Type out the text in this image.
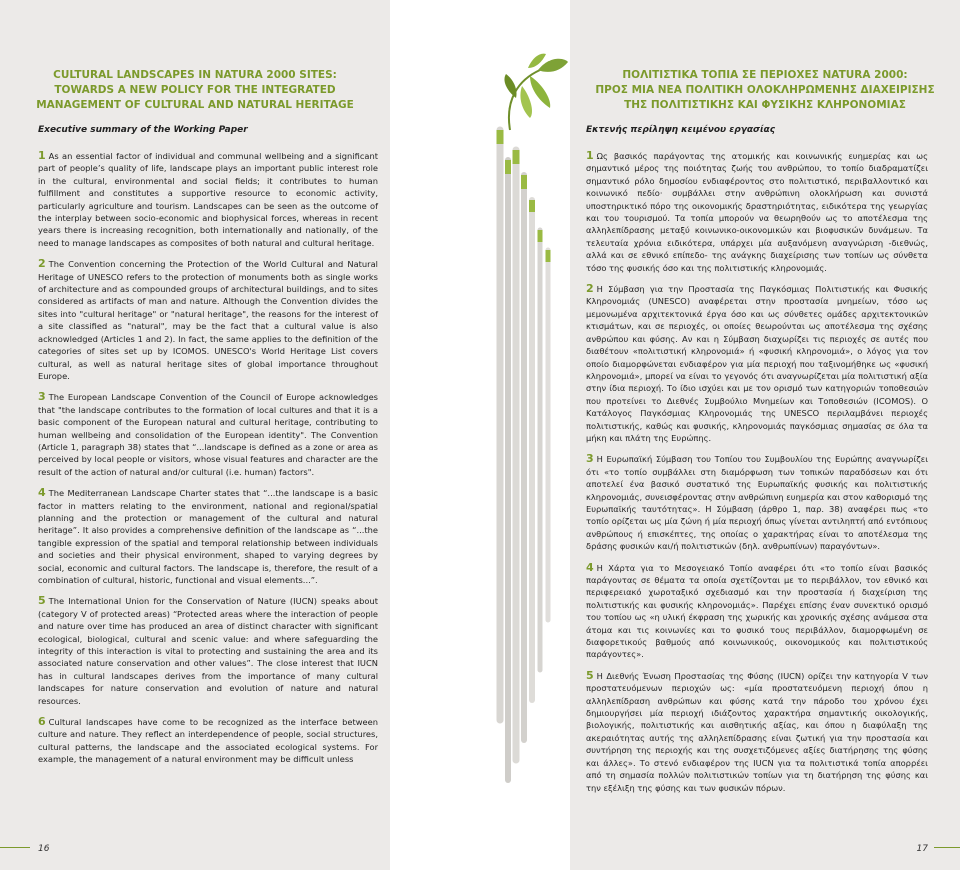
CULTURAL LANDSCAPES IN NATURA 2000 SITES:
TOWARDS A NEW POLICY FOR THE INTEGRATED
MANAGEMENT OF CULTURAL AND NATURAL HERITAGE
Executive summary of the Working Paper

1 As an essential factor of individual and communal wellbeing and a significant part of people’s quality of life, landscape plays an important public interest role in the cultural, environmental and social fields; it contributes to human fulfillment and constitutes a supportive resource to economic activity, particularly agriculture and tourism. Landscapes can be seen as the outcome of the interplay between socio-economic and biophysical forces, whereas in recent years there is increasing recognition, both internationally and nationally, of the need to manage landscapes as composites of both natural and cultural heritage.

2 The Convention concerning the Protection of the World Cultural and Natural Heritage of UNESCO refers to the protection of monuments both as single works of architecture and as compounded groups of architectural buildings, and to sites considered as artifacts of man and nature. Although the Convention divides the sites into "cultural heritage" or "natural heritage", the reasons for the interest of a site classified as "natural", may be the fact that a cultural value is also acknowledged (Articles 1 and 2). In fact, the same applies to the definition of the categories of sites set up by ICOMOS. UNESCO's World Heritage List covers cultural, as well as natural heritage sites of global importance throughout Europe.

3 The European Landscape Convention of the Council of Europe acknowledges that "the landscape contributes to the formation of local cultures and that it is a basic component of the European natural and cultural heritage, contributing to human wellbeing and consolidation of the European identity". The Convention (Article 1, paragraph 38) states that “...landscape is defined as a zone or area as perceived by local people or visitors, whose visual features and character are the result of the action of natural and/or cultural (i.e. human) factors".

4 The Mediterranean Landscape Charter states that “...the landscape is a basic factor in matters relating to the environment, national and regional/spatial planning and the protection or management of the cultural and natural heritage”. It also provides a comprehensive definition of the landscape as “...the tangible expression of the spatial and temporal relationship between individuals and societies and their physical environment, shaped to varying degrees by social, economic and cultural factors. The landscape is, therefore, the result of a combination of cultural, historic, functional and visual elements...”.

5 The International Union for the Conservation of Nature (IUCN) speaks about (category V of protected areas) “Protected areas where the interaction of people and nature over time has produced an area of distinct character with significant ecological, biological, cultural and scenic value: and where safeguarding the integrity of this interaction is vital to protecting and sustaining the area and its associated nature conservation and other values”. The close interest that IUCN has in cultural landscapes derives from the importance of many cultural landscapes for nature conservation and evolution of nature and natural resources.

6 Cultural landscapes have come to be recognized as the interface between culture and nature. They reflect an interdependence of people, social structures, cultural patterns, the landscape and the associated ecological systems. For example, the management of a natural environment may be difficult unless

16
ΠΟΛΙΤΙΣΤΙΚΑ ΤΟΠΙΑ ΣΕ ΠΕΡΙΟΧΕΣ NATURA 2000:
ΠΡΟΣ ΜΙΑ ΝΕΑ ΠΟΛΙΤΙΚΗ ΟΛΟΚΛΗΡΩΜΕΝΗΣ ΔΙΑΧΕΙΡΙΣΗΣ
ΤΗΣ ΠΟΛΙΤΙΣΤΙΚΗΣ ΚΑΙ ΦΥΣΙΚΗΣ ΚΛΗΡΟΝΟΜΙΑΣ
Εκτενής περίληψη κειμένου εργασίας

1 Ως βασικός παράγοντας της ατομικής και κοινωνικής ευημερίας και ως σημαντικό μέρος της ποιότητας ζωής του ανθρώπου, το τοπίο διαδραματίζει σημαντικό ρόλο δημοσίου ενδιαφέροντος στο πολιτιστικό, περιβαλλοντικό και κοινωνικό πεδίο· συμβάλλει στην ανθρώπινη ολοκλήρωση και συνιστά υποστηρικτικό πόρο της οικονομικής δραστηριότητας, ειδικότερα της γεωργίας και του τουρισμού. Τα τοπία μπορούν να θεωρηθούν ως το αποτέλεσμα της αλληλεπίδρασης μεταξύ κοινωνικο-οικονομικών και βιοφυσικών δυνάμεων. Τα τελευταία χρόνια ειδικότερα, υπάρχει μία αυξανόμενη αναγνώριση -διεθνώς, αλλά και σε εθνικό επίπεδο- της ανάγκης διαχείρισης των τοπίων ως σύνθετα τόσο της φυσικής όσο και της πολιτιστικής κληρονομιάς.

2 Η Σύμβαση για την Προστασία της Παγκόσμιας Πολιτιστικής και Φυσικής Κληρονομιάς (UNESCO) αναφέρεται στην προστασία μνημείων, τόσο ως μεμονωμένα αρχιτεκτονικά έργα όσο και ως σύνθετες ομάδες αρχιτεκτονικών κτισμάτων, και σε περιοχές, οι οποίες θεωρούνται ως αποτέλεσμα της σχέσης ανθρώπου και φύσης. Αν και η Σύμβαση διαχωρίζει τις περιοχές σε αυτές που διαθέτουν «πολιτιστική κληρονομιά» ή «φυσική κληρονομιά», ο λόγος για τον οποίο διαμορφώνεται ενδιαφέρον για μία περιοχή που ταξινομήθηκε ως «φυσική κληρονομιά», μπορεί να είναι το γεγονός ότι αναγνωρίζεται μία πολιτιστική αξία στην ίδια περιοχή. Το ίδιο ισχύει και με τον ορισμό των κατηγοριών τοποθεσιών που προτείνει το Διεθνές Συμβούλιο Μνημείων και Τοποθεσιών (ICOMOS). Ο Κατάλογος Παγκόσμιας Κληρονομιάς της UNESCO περιλαμβάνει περιοχές πολιτιστικής, καθώς και φυσικής, κληρονομιάς παγκόσμιας σημασίας σε όλα τα μήκη και πλάτη της Ευρώπης.

3 Η Ευρωπαϊκή Σύμβαση του Τοπίου του Συμβουλίου της Ευρώπης αναγνωρίζει ότι «το τοπίο συμβάλλει στη διαμόρφωση των τοπικών παραδόσεων και ότι αποτελεί ένα βασικό συστατικό της Ευρωπαϊκής φυσικής και πολιτιστικής κληρονομιάς, συνεισφέροντας στην ανθρώπινη ευημερία και στον καθορισμό της Ευρωπαϊκής ταυτότητας». Η Σύμβαση (άρθρο 1, παρ. 38) αναφέρει πως «το τοπίο ορίζεται ως μία ζώνη ή μία περιοχή όπως γίνεται αντιληπτή από εντόπιους ανθρώπους ή επισκέπτες, της οποίας ο χαρακτήρας είναι το αποτέλεσμα της δράσης φυσικών και/ή πολιτιστικών (δηλ. ανθρωπίνων) παραγόντων».

4 Η Χάρτα για το Μεσογειακό Τοπίο αναφέρει ότι «το τοπίο είναι βασικός παράγοντας σε θέματα τα οποία σχετίζονται με το περιβάλλον, τον εθνικό και περιφερειακό χωροταξικό σχεδιασμό και την προστασία ή διαχείριση της πολιτιστικής και φυσικής κληρονομιάς». Παρέχει επίσης έναν συνεκτικό ορισμό του τοπίου ως «η υλική έκφραση της χωρικής και χρονικής σχέσης ανάμεσα στα άτομα και τις κοινωνίες και το φυσικό τους περιβάλλον, διαμορφωμένη σε διαφορετικούς βαθμούς από κοινωνικούς, οικονομικούς και πολιτιστικούς παράγοντες».

5 Η Διεθνής Ένωση Προστασίας της Φύσης (IUCN) ορίζει την κατηγορία V των προστατευόμενων περιοχών ως: «μία προστατευόμενη περιοχή όπου η αλληλεπίδραση ανθρώπων και φύσης κατά την πάροδο του χρόνου έχει δημιουργήσει μία περιοχή ιδιάζοντος χαρακτήρα σημαντικής οικολογικής, βιολογικής, πολιτιστικής και αισθητικής αξίας, και όπου η διαφύλαξη της ακεραιότητας αυτής της αλληλεπίδρασης είναι ζωτική για την προστασία και συντήρηση της περιοχής και της συσχετιζόμενες αξίες διατήρησης της φύσης και άλλες». Το στενό ενδιαφέρον της IUCN για τα πολιτιστικά τοπία απορρέει από τη σημασία πολλών πολιτιστικών τοπίων για τη διατήρηση της φύσης και την εξέλιξη της φύσης και των φυσικών πόρων.

17
